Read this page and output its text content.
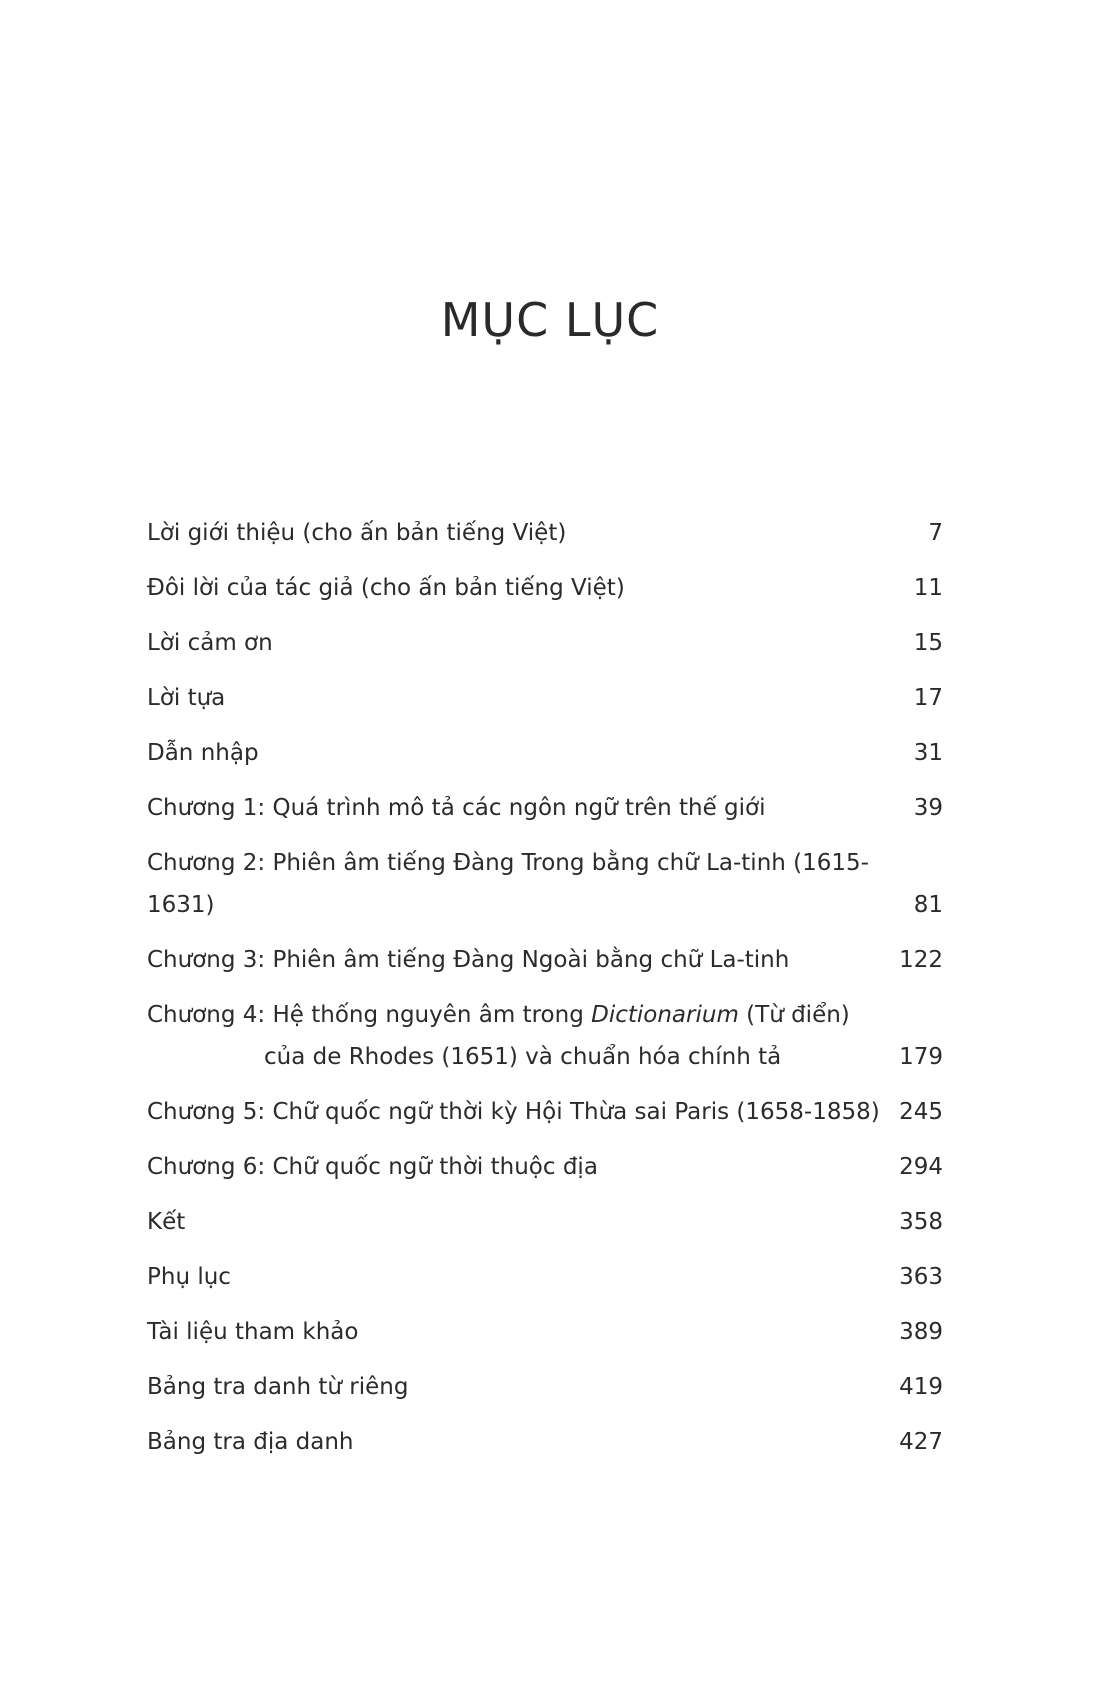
MỤC LỤC
Lời giới thiệu (cho ấn bản tiếng Việt)	7
Đôi lời của tác giả (cho ấn bản tiếng Việt)	11
Lời cảm ơn	15
Lời tựa	17
Dẫn nhập	31
Chương 1: Quá trình mô tả các ngôn ngữ trên thế giới	39
Chương 2: Phiên âm tiếng Đàng Trong bằng chữ La-tinh (1615-1631)	81
Chương 3: Phiên âm tiếng Đàng Ngoài bằng chữ La-tinh	122
Chương 4: Hệ thống nguyên âm trong Dictionarium (Từ điển)
của de Rhodes (1651) và chuẩn hóa chính tả	179
Chương 5: Chữ quốc ngữ thời kỳ Hội Thừa sai Paris (1658-1858) 245
Chương 6: Chữ quốc ngữ thời thuộc địa	294
Kết	358
Phụ lục	363
Tài liệu tham khảo	389
Bảng tra danh từ riêng	419
Bảng tra địa danh	427
